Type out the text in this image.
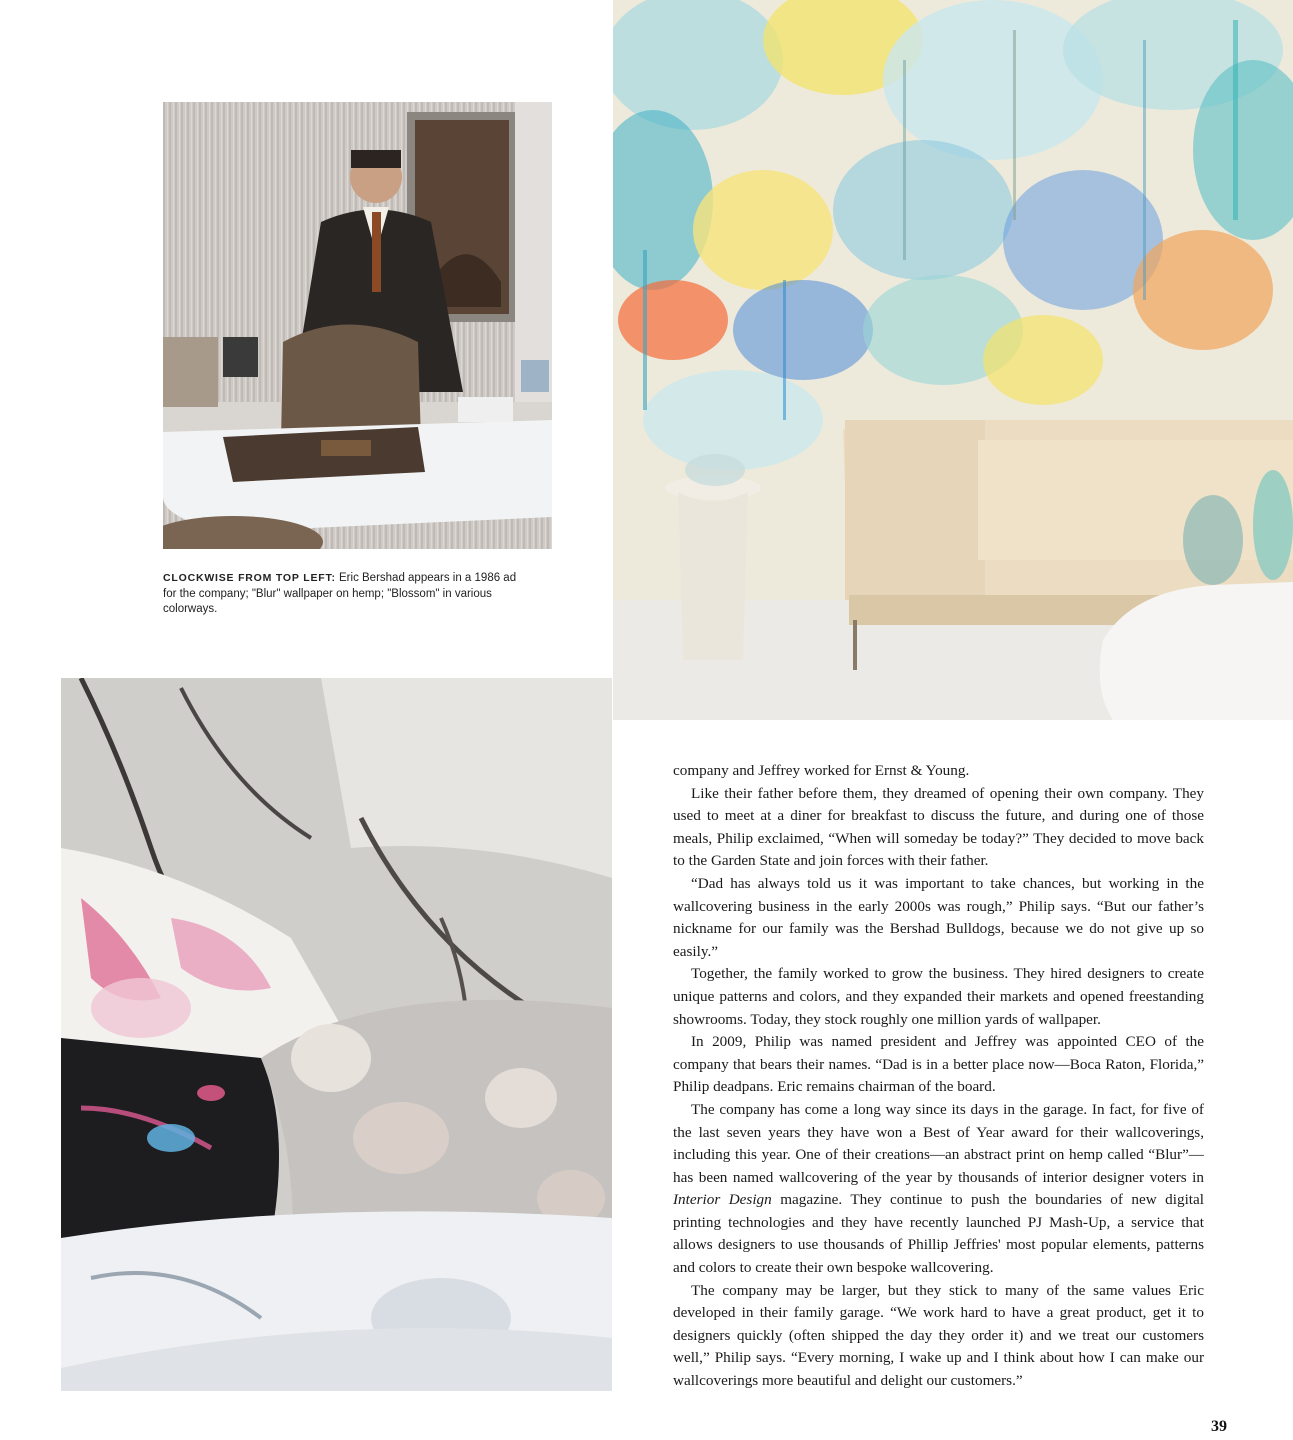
CLOCKWISE FROM TOP LEFT: Eric Bershad appears in a 1986 ad for the company; "Blur" wallpaper on hemp; "Blossom" in various colorways.

company and Jeffrey worked for Ernst & Young.

Like their father before them, they dreamed of opening their own company. They used to meet at a diner for breakfast to discuss the future, and during one of those meals, Philip exclaimed, “When will someday be today?” They decided to move back to the Garden State and join forces with their father.

“Dad has always told us it was important to take chances, but working in the wallcovering business in the early 2000s was rough,” Philip says. “But our father’s nickname for our family was the Bershad Bulldogs, because we do not give up so easily.”

Together, the family worked to grow the business. They hired designers to create unique patterns and colors, and they expanded their markets and opened freestanding showrooms. Today, they stock roughly one million yards of wallpaper.

In 2009, Philip was named president and Jeffrey was appointed CEO of the company that bears their names. “Dad is in a better place now—Boca Raton, Florida,” Philip deadpans. Eric remains chairman of the board.

The company has come a long way since its days in the garage. In fact, for five of the last seven years they have won a Best of Year award for their wallcoverings, including this year. One of their creations—an abstract print on hemp called “Blur”— has been named wallcovering of the year by thousands of interior designer voters in Interior Design magazine. They continue to push the boundaries of new digital printing technologies and they have recently launched PJ Mash-Up, a service that allows designers to use thousands of Phillip Jeffries' most popular elements, patterns and colors to create their own bespoke wallcovering.

The company may be larger, but they stick to many of the same values Eric developed in their family garage. “We work hard to have a great product, get it to designers quickly (often shipped the day they order it) and we treat our customers well,” Philip says. “Every morning, I wake up and I think about how I can make our wallcoverings more beautiful and delight our customers.”

39
